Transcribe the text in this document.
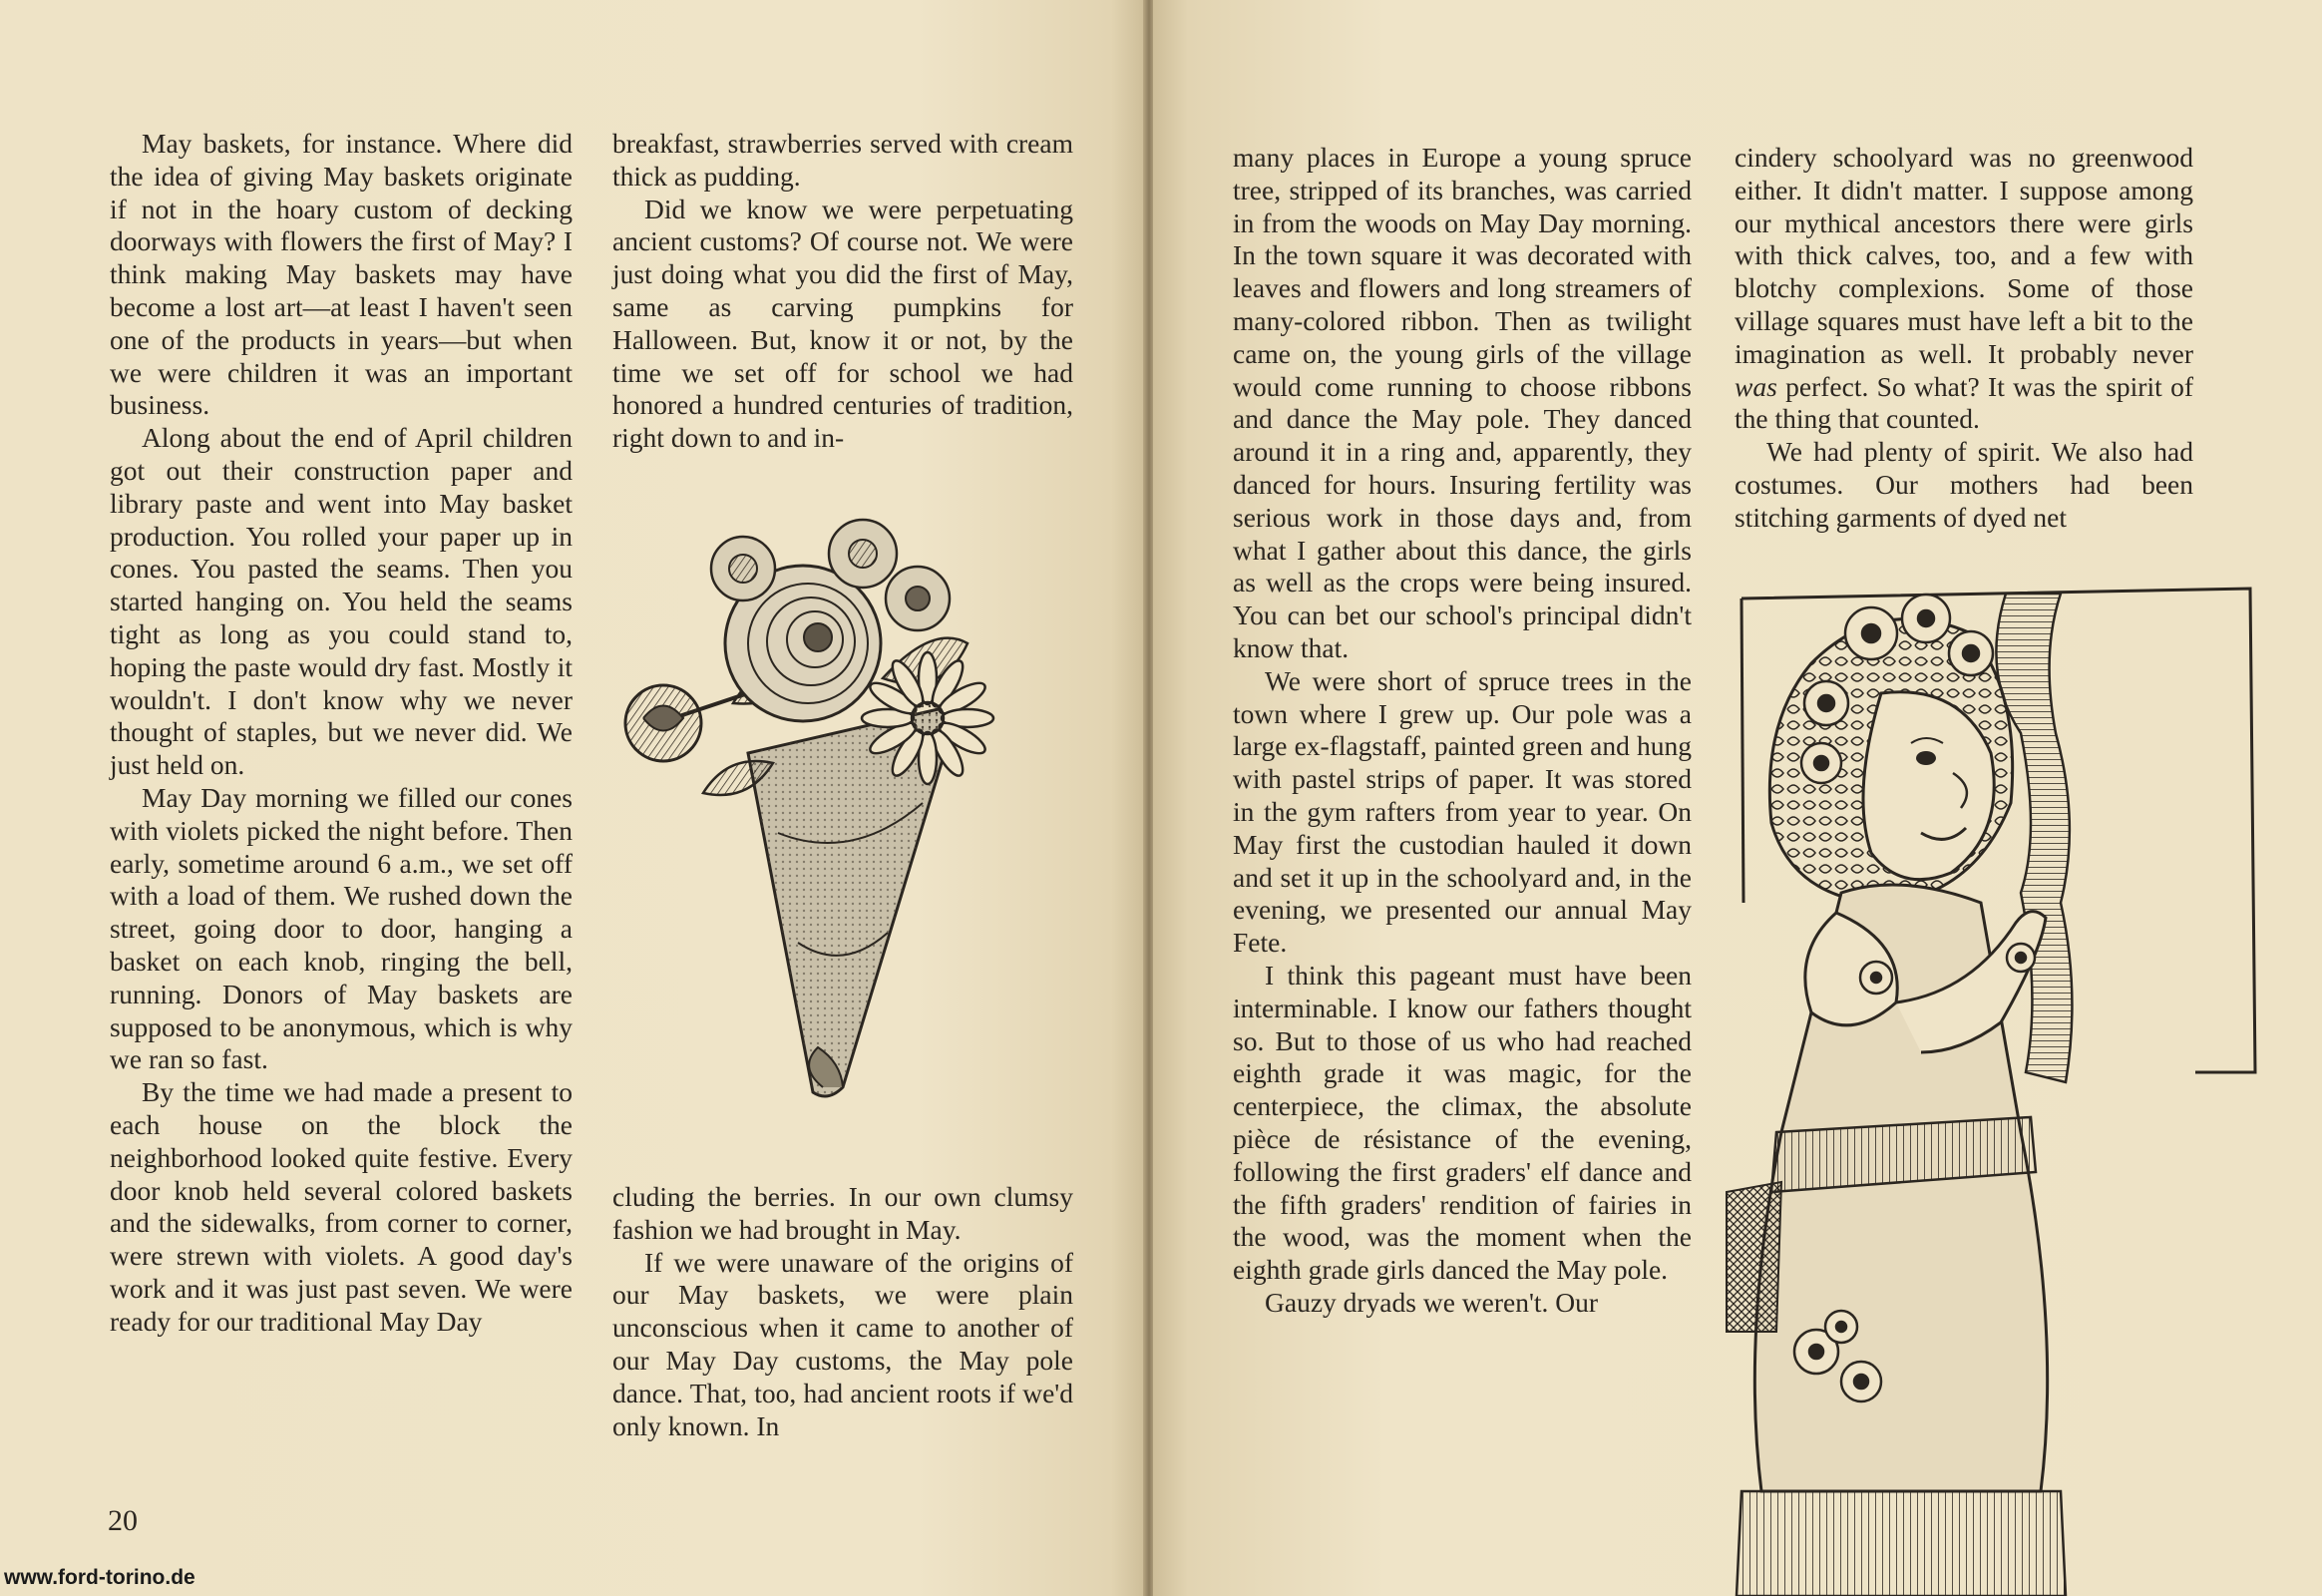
May baskets, for instance. Where did the idea of giving May baskets originate if not in the hoary custom of decking doorways with flowers the first of May? I think making May baskets may have become a lost art—at least I haven't seen one of the products in years—but when we were children it was an important business.

Along about the end of April children got out their construction paper and library paste and went into May basket production. You rolled your paper up in cones. You pasted the seams. Then you started hanging on. You held the seams tight as long as you could stand to, hoping the paste would dry fast. Mostly it wouldn't. I don't know why we never thought of staples, but we never did. We just held on.

May Day morning we filled our cones with violets picked the night before. Then early, sometime around 6 a.m., we set off with a load of them. We rushed down the street, going door to door, hanging a basket on each knob, ringing the bell, running. Donors of May baskets are supposed to be anonymous, which is why we ran so fast.

By the time we had made a present to each house on the block the neighborhood looked quite festive. Every door knob held several colored baskets and the sidewalks, from corner to corner, were strewn with violets. A good day's work and it was just past seven. We were ready for our traditional May Day

breakfast, strawberries served with cream thick as pudding.

Did we know we were perpetuating ancient customs? Of course not. We were just doing what you did the first of May, same as carving pumpkins for Halloween. But, know it or not, by the time we set off for school we had honored a hundred centuries of tradition, right down to and in-

cluding the berries. In our own clumsy fashion we had brought in May.

If we were unaware of the origins of our May baskets, we were plain unconscious when it came to another of our May Day customs, the May pole dance. That, too, had ancient roots if we'd only known. In

20
www.ford-torino.de

many places in Europe a young spruce tree, stripped of its branches, was carried in from the woods on May Day morning. In the town square it was decorated with leaves and flowers and long streamers of many-colored ribbon. Then as twilight came on, the young girls of the village would come running to choose ribbons and dance the May pole. They danced around it in a ring and, apparently, they danced for hours. Insuring fertility was serious work in those days and, from what I gather about this dance, the girls as well as the crops were being insured. You can bet our school's principal didn't know that.

We were short of spruce trees in the town where I grew up. Our pole was a large ex-flagstaff, painted green and hung with pastel strips of paper. It was stored in the gym rafters from year to year. On May first the custodian hauled it down and set it up in the schoolyard and, in the evening, we presented our annual May Fete.

I think this pageant must have been interminable. I know our fathers thought so. But to those of us who had reached eighth grade it was magic, for the centerpiece, the climax, the absolute pièce de résistance of the evening, following the first graders' elf dance and the fifth graders' rendition of fairies in the wood, was the moment when the eighth grade girls danced the May pole.

Gauzy dryads we weren't. Our

cindery schoolyard was no greenwood either. It didn't matter. I suppose among our mythical ancestors there were girls with thick calves, too, and a few with blotchy complexions. Some of those village squares must have left a bit to the imagination as well. It probably never was perfect. So what? It was the spirit of the thing that counted.

We had plenty of spirit. We also had costumes. Our mothers had been stitching garments of dyed net
